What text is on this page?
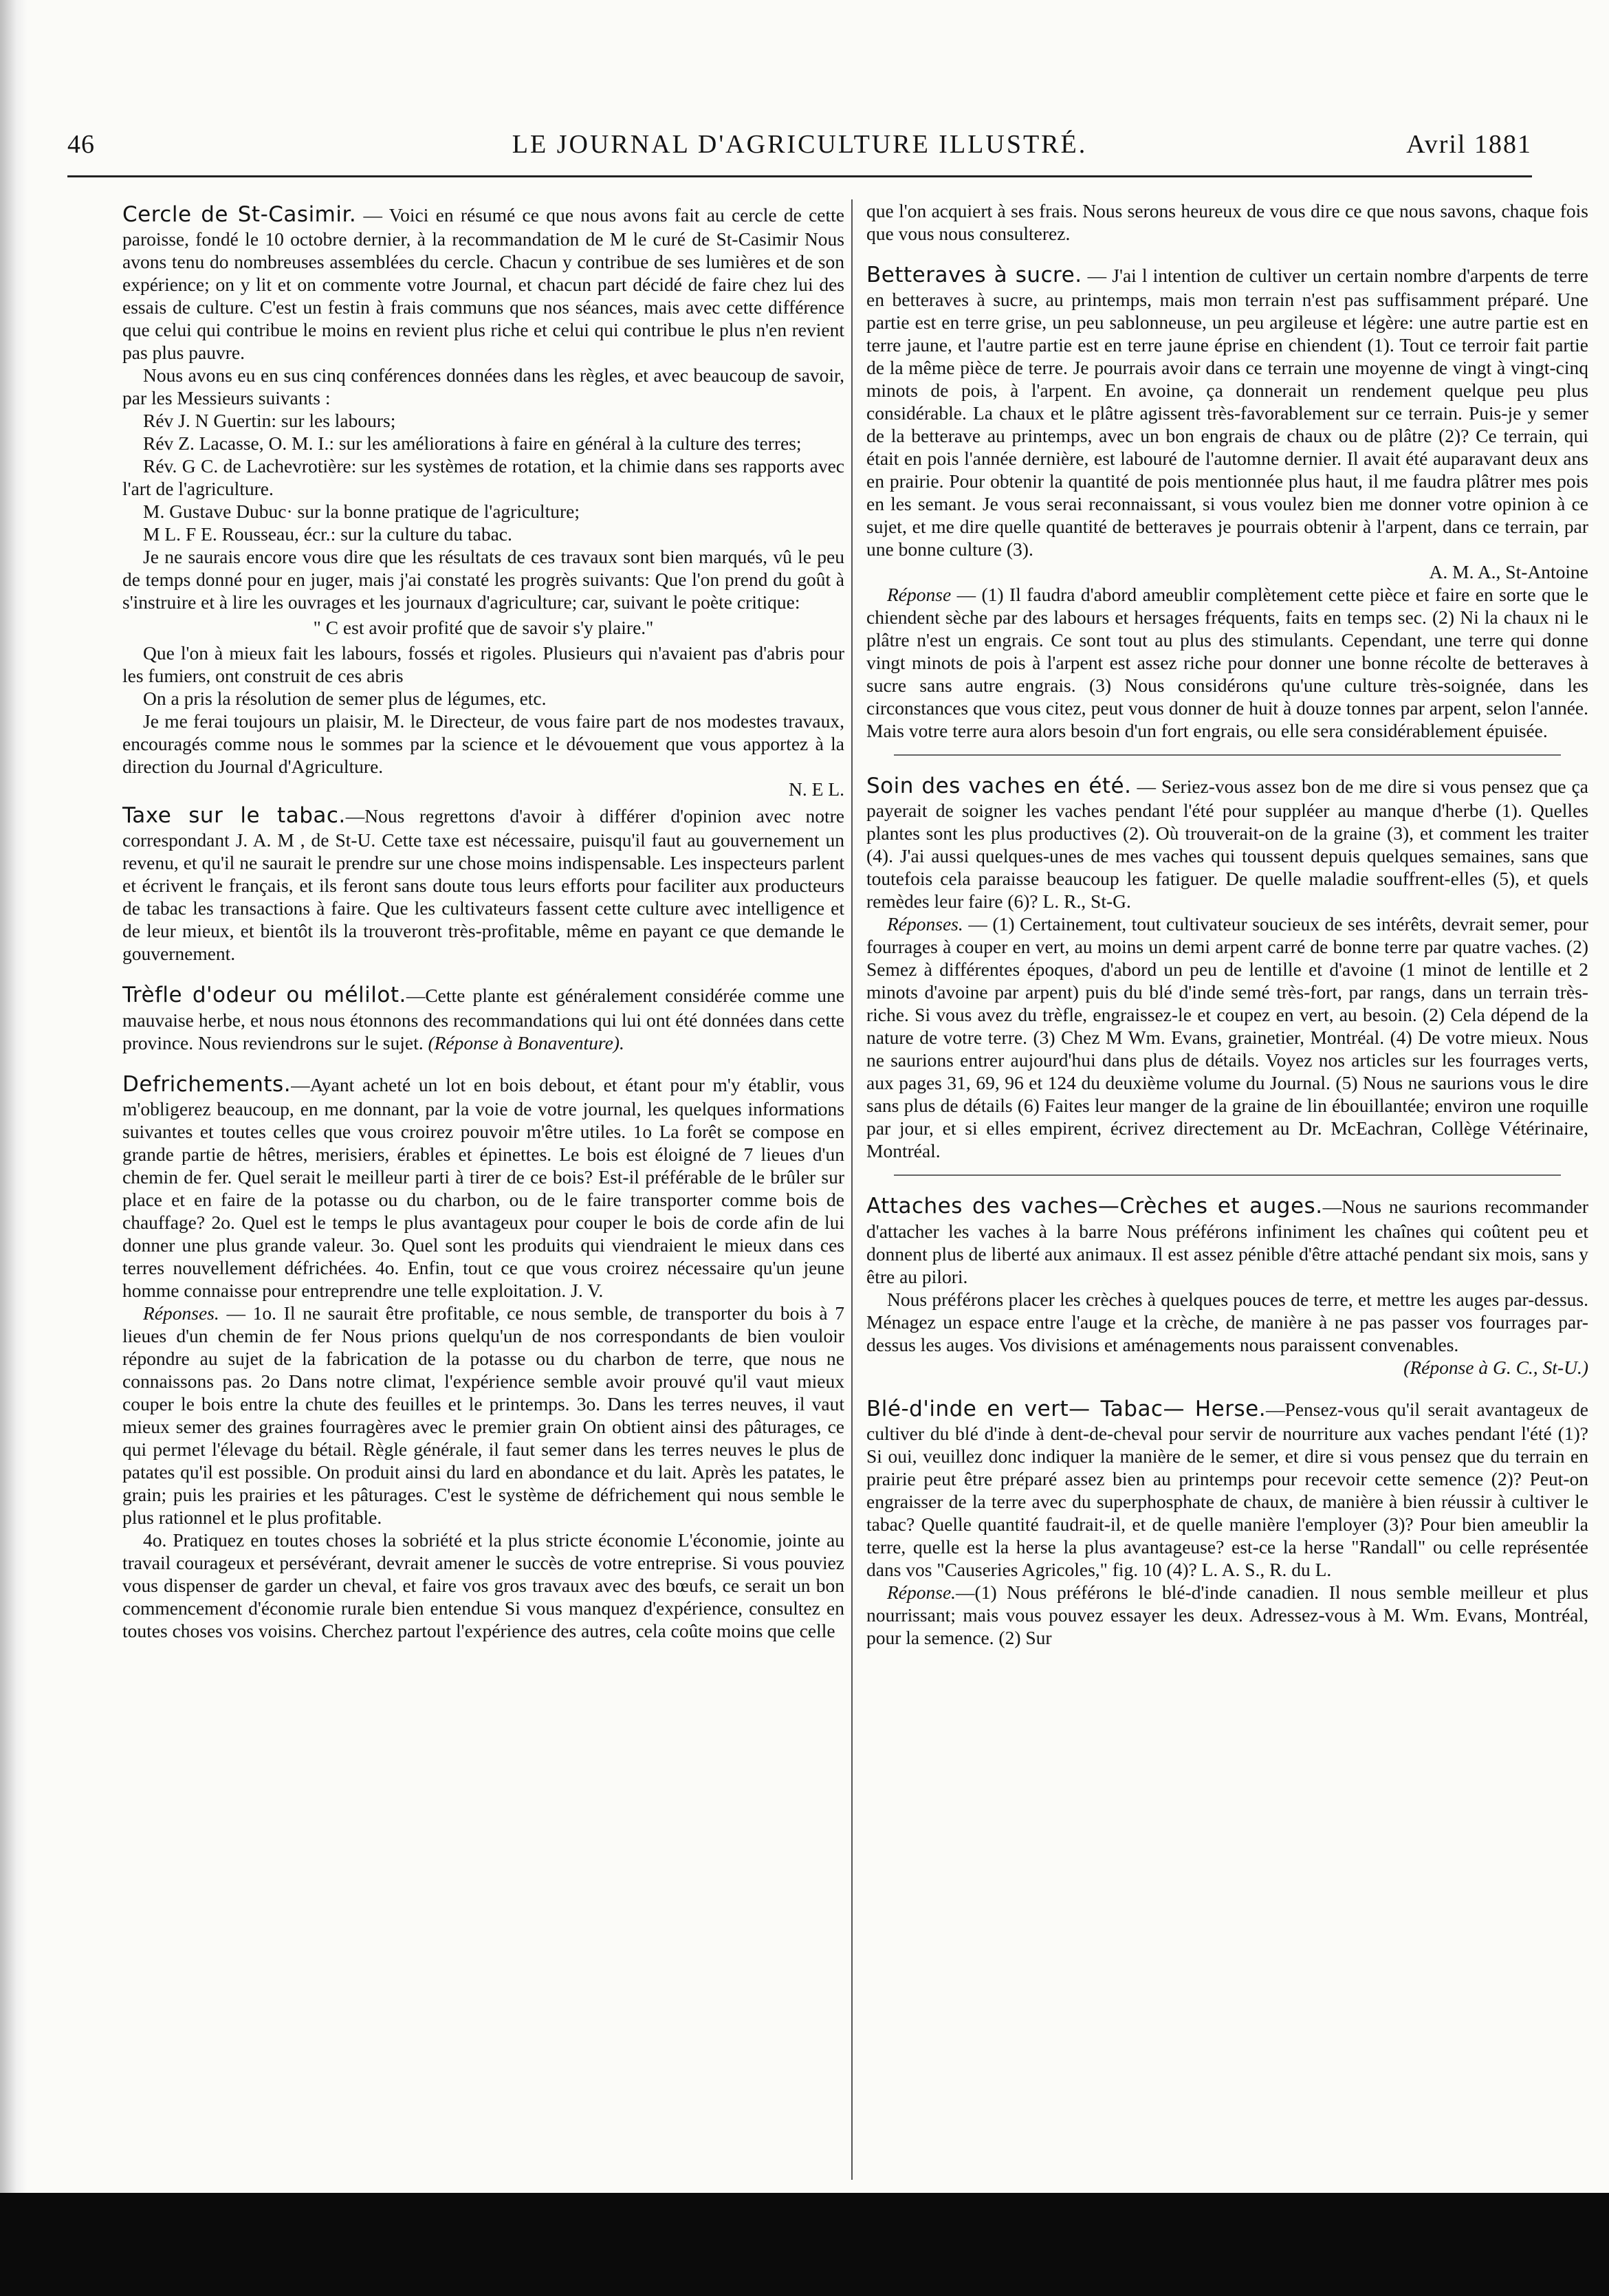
46	LE JOURNAL D'AGRICULTURE ILLUSTRÉ.	Avril 1881

Cercle de St-Casimir. — Voici en résumé ce que nous avons fait au cercle de cette paroisse, fondé le 10 octobre dernier, à la recommandation de M le curé de St-Casimir Nous avons tenu do nombreuses assemblées du cercle. Chacun y contribue de ses lumières et de son expérience; on y lit et on commente votre Journal, et chacun part décidé de faire chez lui des essais de culture. C'est un festin à frais communs que nos séances, mais avec cette différence que celui qui contribue le moins en revient plus riche et celui qui contribue le plus n'en revient pas plus pauvre.

Nous avons eu en sus cinq conférences données dans les règles, et avec beaucoup de savoir, par les Messieurs suivants :

Rév J. N Guertin: sur les labours;

Rév Z. Lacasse, O. M. I.: sur les améliorations à faire en général à la culture des terres;

Rév. G C. de Lachevrotière: sur les systèmes de rotation, et la chimie dans ses rapports avec l'art de l'agriculture.

M. Gustave Dubuc· sur la bonne pratique de l'agriculture;

M L. F E. Rousseau, écr.: sur la culture du tabac.

Je ne saurais encore vous dire que les résultats de ces travaux sont bien marqués, vû le peu de temps donné pour en juger, mais j'ai constaté les progrès suivants: Que l'on prend du goût à s'instruire et à lire les ouvrages et les journaux d'agriculture; car, suivant le poète critique:

" C est avoir profité que de savoir s'y plaire."

Que l'on à mieux fait les labours, fossés et rigoles. Plusieurs qui n'avaient pas d'abris pour les fumiers, ont construit de ces abris

On a pris la résolution de semer plus de légumes, etc.

Je me ferai toujours un plaisir, M. le Directeur, de vous faire part de nos modestes travaux, encouragés comme nous le sommes par la science et le dévouement que vous apportez à la direction du Journal d'Agriculture.

N. E L.

Taxe sur le tabac.—Nous regrettons d'avoir à différer d'opinion avec notre correspondant J. A. M , de St-U. Cette taxe est nécessaire, puisqu'il faut au gouvernement un revenu, et qu'il ne saurait le prendre sur une chose moins indispensable. Les inspecteurs parlent et écrivent le français, et ils feront sans doute tous leurs efforts pour faciliter aux producteurs de tabac les transactions à faire. Que les cultivateurs fassent cette culture avec intelligence et de leur mieux, et bientôt ils la trouveront très-profitable, même en payant ce que demande le gouvernement.

Trèfle d'odeur ou mélilot.—Cette plante est généralement considérée comme une mauvaise herbe, et nous nous étonnons des recommandations qui lui ont été données dans cette province. Nous reviendrons sur le sujet. (Réponse à Bonaventure).

Defrichements.—Ayant acheté un lot en bois debout, et étant pour m'y établir, vous m'obligerez beaucoup, en me donnant, par la voie de votre journal, les quelques informations suivantes et toutes celles que vous croirez pouvoir m'être utiles. 1o La forêt se compose en grande partie de hêtres, merisiers, érables et épinettes. Le bois est éloigné de 7 lieues d'un chemin de fer. Quel serait le meilleur parti à tirer de ce bois? Est-il préférable de le brûler sur place et en faire de la potasse ou du charbon, ou de le faire transporter comme bois de chauffage? 2o. Quel est le temps le plus avantageux pour couper le bois de corde afin de lui donner une plus grande valeur. 3o. Quel sont les produits qui viendraient le mieux dans ces terres nouvellement défrichées. 4o. Enfin, tout ce que vous croirez nécessaire qu'un jeune homme connaisse pour entreprendre une telle exploitation. J. V.

Réponses. — 1o. Il ne saurait être profitable, ce nous semble, de transporter du bois à 7 lieues d'un chemin de fer Nous prions quelqu'un de nos correspondants de bien vouloir répondre au sujet de la fabrication de la potasse ou du charbon de terre, que nous ne connaissons pas. 2o Dans notre climat, l'expérience semble avoir prouvé qu'il vaut mieux couper le bois entre la chute des feuilles et le printemps. 3o. Dans les terres neuves, il vaut mieux semer des graines fourragères avec le premier grain On obtient ainsi des pâturages, ce qui permet l'élevage du bétail. Règle générale, il faut semer dans les terres neuves le plus de patates qu'il est possible. On produit ainsi du lard en abondance et du lait. Après les patates, le grain; puis les prairies et les pâturages. C'est le système de défrichement qui nous semble le plus rationnel et le plus profitable.

4o. Pratiquez en toutes choses la sobriété et la plus stricte économie L'économie, jointe au travail courageux et persévérant, devrait amener le succès de votre entreprise. Si vous pouviez vous dispenser de garder un cheval, et faire vos gros travaux avec des bœufs, ce serait un bon commencement d'économie rurale bien entendue Si vous manquez d'expérience, consultez en toutes choses vos voisins. Cherchez partout l'expérience des autres, cela coûte moins que celle

que l'on acquiert à ses frais. Nous serons heureux de vous dire ce que nous savons, chaque fois que vous nous consulterez.

Betteraves à sucre. — J'ai l intention de cultiver un certain nombre d'arpents de terre en betteraves à sucre, au printemps, mais mon terrain n'est pas suffisamment préparé. Une partie est en terre grise, un peu sablonneuse, un peu argileuse et légère: une autre partie est en terre jaune, et l'autre partie est en terre jaune éprise en chiendent (1). Tout ce terroir fait partie de la même pièce de terre. Je pourrais avoir dans ce terrain une moyenne de vingt à vingt-cinq minots de pois, à l'arpent. En avoine, ça donnerait un rendement quelque peu plus considérable. La chaux et le plâtre agissent très-favorablement sur ce terrain. Puis-je y semer de la betterave au printemps, avec un bon engrais de chaux ou de plâtre (2)? Ce terrain, qui était en pois l'année dernière, est labouré de l'automne dernier. Il avait été auparavant deux ans en prairie. Pour obtenir la quantité de pois mentionnée plus haut, il me faudra plâtrer mes pois en les semant. Je vous serai reconnaissant, si vous voulez bien me donner votre opinion à ce sujet, et me dire quelle quantité de betteraves je pourrais obtenir à l'arpent, dans ce terrain, par une bonne culture (3).

A. M. A., St-Antoine

Réponse — (1) Il faudra d'abord ameublir complètement cette pièce et faire en sorte que le chiendent sèche par des labours et hersages fréquents, faits en temps sec. (2) Ni la chaux ni le plâtre n'est un engrais. Ce sont tout au plus des stimulants. Cependant, une terre qui donne vingt minots de pois à l'arpent est assez riche pour donner une bonne récolte de betteraves à sucre sans autre engrais. (3) Nous considérons qu'une culture très-soignée, dans les circonstances que vous citez, peut vous donner de huit à douze tonnes par arpent, selon l'année. Mais votre terre aura alors besoin d'un fort engrais, ou elle sera considérablement épuisée.

Soin des vaches en été. — Seriez-vous assez bon de me dire si vous pensez que ça payerait de soigner les vaches pendant l'été pour suppléer au manque d'herbe (1). Quelles plantes sont les plus productives (2). Où trouverait-on de la graine (3), et comment les traiter (4). J'ai aussi quelques-unes de mes vaches qui toussent depuis quelques semaines, sans que toutefois cela paraisse beaucoup les fatiguer. De quelle maladie souffrent-elles (5), et quels remèdes leur faire (6)? L. R., St-G.

Réponses. — (1) Certainement, tout cultivateur soucieux de ses intérêts, devrait semer, pour fourrages à couper en vert, au moins un demi arpent carré de bonne terre par quatre vaches. (2) Semez à différentes époques, d'abord un peu de lentille et d'avoine (1 minot de lentille et 2 minots d'avoine par arpent) puis du blé d'inde semé très-fort, par rangs, dans un terrain très-riche. Si vous avez du trèfle, engraissez-le et coupez en vert, au besoin. (2) Cela dépend de la nature de votre terre. (3) Chez M Wm. Evans, grainetier, Montréal. (4) De votre mieux. Nous ne saurions entrer aujourd'hui dans plus de détails. Voyez nos articles sur les fourrages verts, aux pages 31, 69, 96 et 124 du deuxième volume du Journal. (5) Nous ne saurions vous le dire sans plus de détails (6) Faites leur manger de la graine de lin ébouillantée; environ une roquille par jour, et si elles empirent, écrivez directement au Dr. McEachran, Collège Vétérinaire, Montréal.

Attaches des vaches—Crèches et auges.—Nous ne saurions recommander d'attacher les vaches à la barre Nous préférons infiniment les chaînes qui coûtent peu et donnent plus de liberté aux animaux. Il est assez pénible d'être attaché pendant six mois, sans y être au pilori.

Nous préférons placer les crèches à quelques pouces de terre, et mettre les auges par-dessus. Ménagez un espace entre l'auge et la crèche, de manière à ne pas passer vos fourrages par-dessus les auges. Vos divisions et aménagements nous paraissent convenables.

(Réponse à G. C., St-U.)

Blé-d'inde en vert— Tabac— Herse.—Pensez-vous qu'il serait avantageux de cultiver du blé d'inde à dent-de-cheval pour servir de nourriture aux vaches pendant l'été (1)? Si oui, veuillez donc indiquer la manière de le semer, et dire si vous pensez que du terrain en prairie peut être préparé assez bien au printemps pour recevoir cette semence (2)? Peut-on engraisser de la terre avec du superphosphate de chaux, de manière à bien réussir à cultiver le tabac? Quelle quantité faudrait-il, et de quelle manière l'employer (3)? Pour bien ameublir la terre, quelle est la herse la plus avantageuse? est-ce la herse "Randall" ou celle représentée dans vos "Causeries Agricoles," fig. 10 (4)? L. A. S., R. du L.

Réponse.—(1) Nous préférons le blé-d'inde canadien. Il nous semble meilleur et plus nourrissant; mais vous pouvez essayer les deux. Adressez-vous à M. Wm. Evans, Montréal, pour la semence. (2) Sur
